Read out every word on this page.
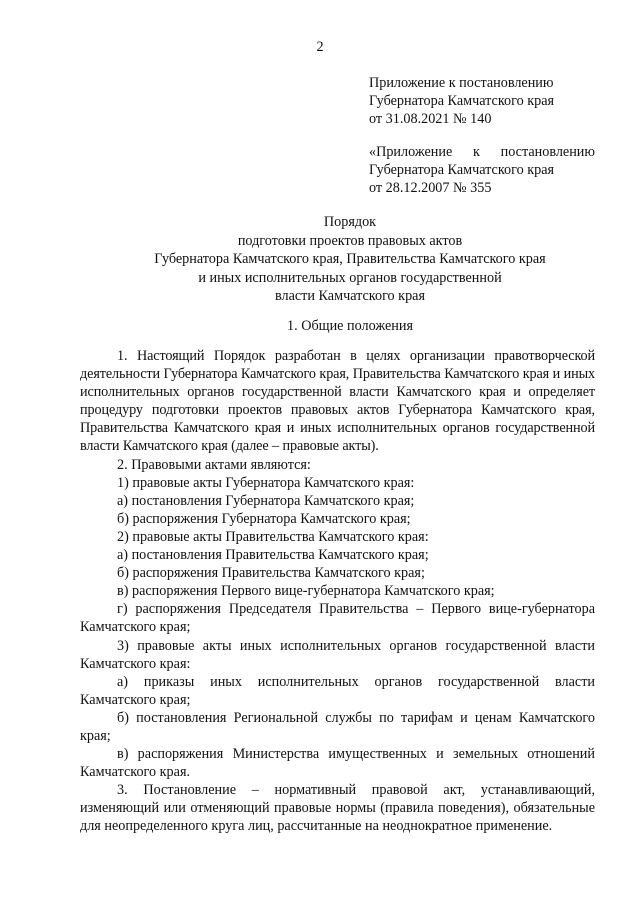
2
Приложение к постановлению
Губернатора Камчатского края
от 31.08.2021 № 140
«Приложение к постановлению
Губернатора Камчатского края
от 28.12.2007 № 355
Порядок
подготовки проектов правовых актов
Губернатора Камчатского края, Правительства Камчатского края
и иных исполнительных органов государственной
власти Камчатского края
1. Общие положения

1. Настоящий Порядок разработан в целях организации правотворческой деятельности Губернатора Камчатского края, Правительства Камчатского края и иных исполнительных органов государственной власти Камчатского края и определяет процедуру подготовки проектов правовых актов Губернатора Камчатского края, Правительства Камчатского края и иных исполнительных органов государственной власти Камчатского края (далее – правовые акты).

2. Правовыми актами являются:

1) правовые акты Губернатора Камчатского края:

а) постановления Губернатора Камчатского края;

б) распоряжения Губернатора Камчатского края;

2) правовые акты Правительства Камчатского края:

а) постановления Правительства Камчатского края;

б) распоряжения Правительства Камчатского края;

в) распоряжения Первого вице-губернатора Камчатского края;

г) распоряжения Председателя Правительства – Первого вице-губернатора Камчатского края;

3) правовые акты иных исполнительных органов государственной власти Камчатского края:

а) приказы иных исполнительных органов государственной власти Камчатского края;

б) постановления Региональной службы по тарифам и ценам Камчатского края;

в) распоряжения Министерства имущественных и земельных отношений Камчатского края.

3. Постановление – нормативный правовой акт, устанавливающий, изменяющий или отменяющий правовые нормы (правила поведения), обязательные для неопределенного круга лиц, рассчитанные на неоднократное применение.
